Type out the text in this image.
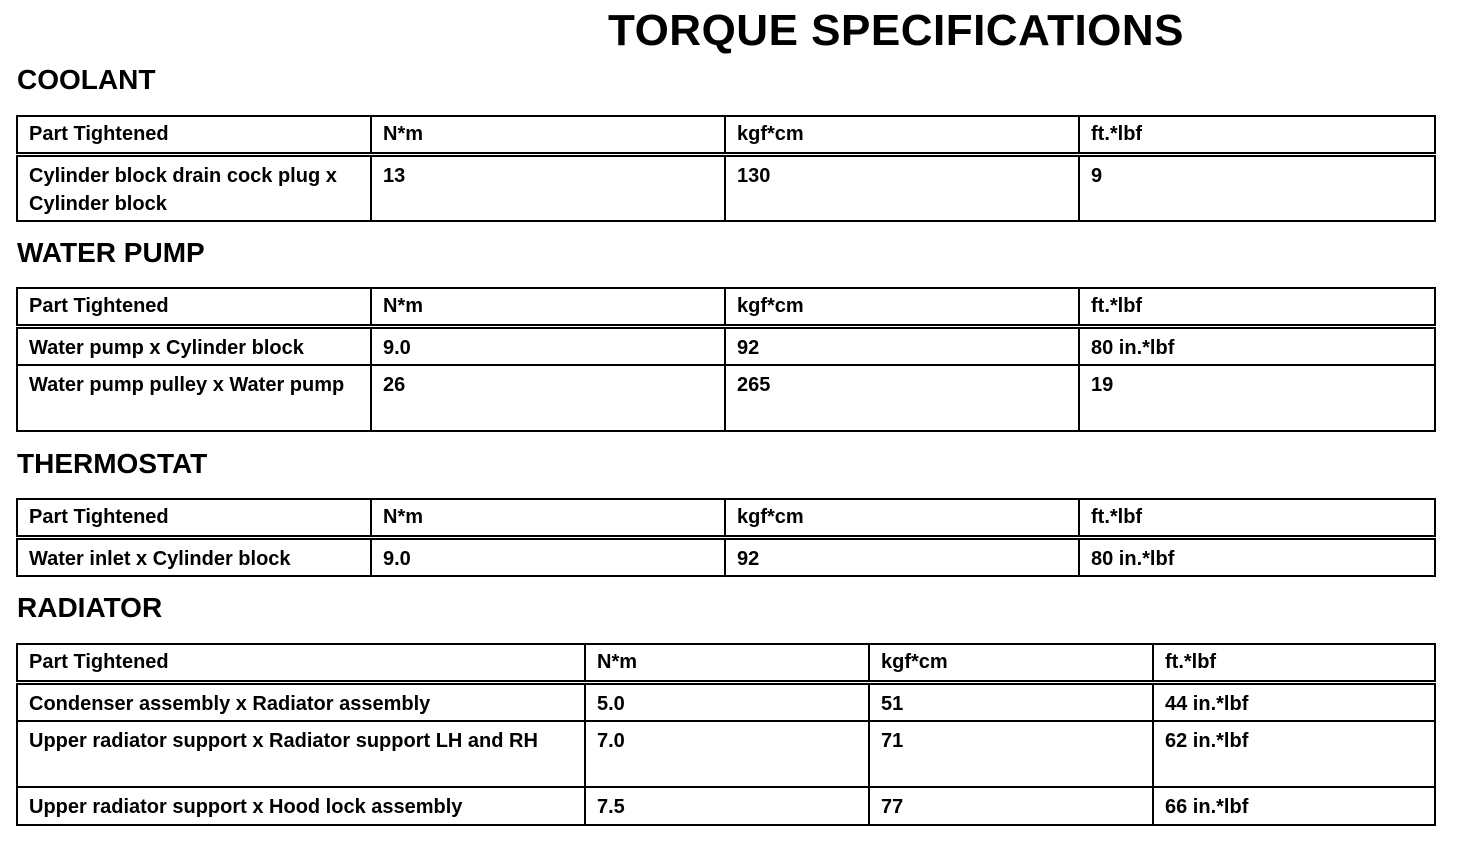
TORQUE SPECIFICATIONS
COOLANT
Part Tightened	N*m	kgf*cm	ft.*lbf
Cylinder block drain cock plug x Cylinder block	13	130	9
WATER PUMP
Part Tightened	N*m	kgf*cm	ft.*lbf
Water pump x Cylinder block	9.0	92	80 in.*lbf
Water pump pulley x Water pump	26	265	19
THERMOSTAT
Part Tightened	N*m	kgf*cm	ft.*lbf
Water inlet x Cylinder block	9.0	92	80 in.*lbf
RADIATOR
Part Tightened	N*m	kgf*cm	ft.*lbf
Condenser assembly x Radiator assembly	5.0	51	44 in.*lbf
Upper radiator support x Radiator support LH and RH	7.0	71	62 in.*lbf
Upper radiator support x Hood lock assembly	7.5	77	66 in.*lbf
